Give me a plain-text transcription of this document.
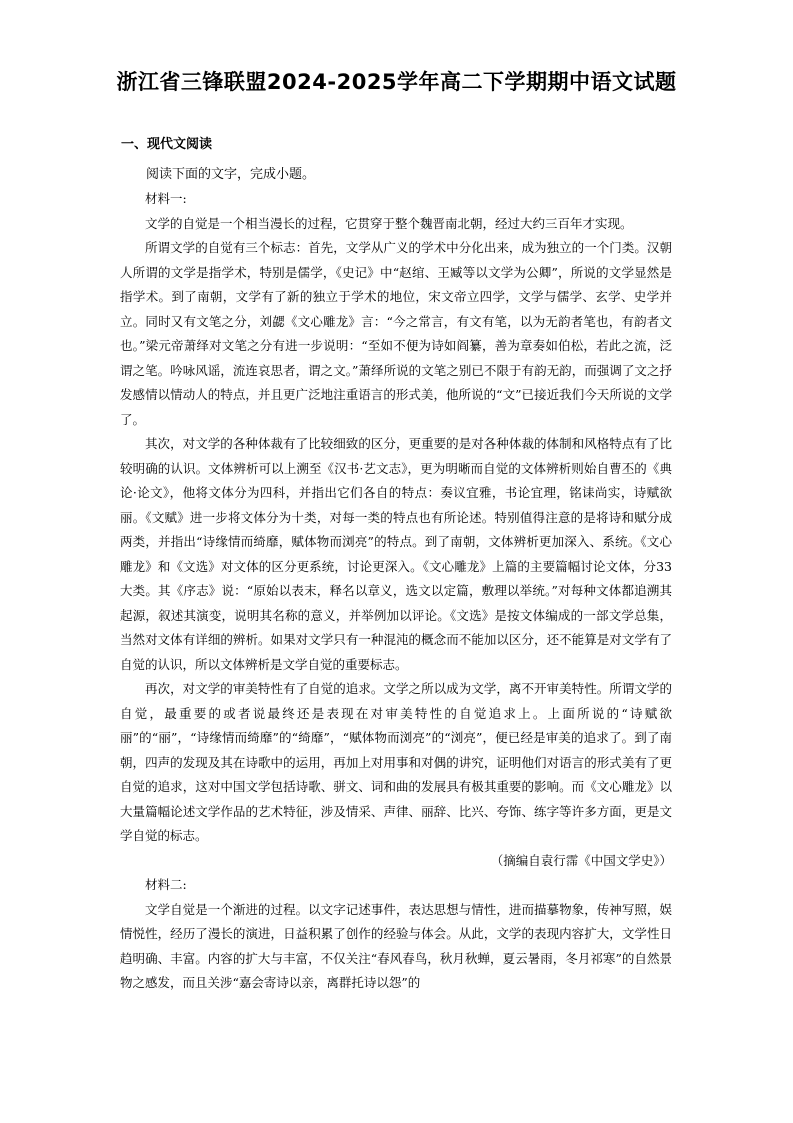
浙江省三锋联盟2024-2025学年高二下学期期中语文试题
一、现代文阅读
阅读下面的文字，完成小题。

材料一:

文学的自觉是一个相当漫长的过程，它贯穿于整个魏晋南北朝，经过大约三百年才实现。

所谓文学的自觉有三个标志：首先，文学从广义的学术中分化出来，成为独立的一个门类。汉朝人所谓的文学是指学术，特别是儒学，《史记》中“赵绾、王臧等以文学为公卿”，所说的文学显然是指学术。到了南朝，文学有了新的独立于学术的地位，宋文帝立四学，文学与儒学、玄学、史学并立。同时又有文笔之分，刘勰《文心雕龙》言：“今之常言，有文有笔，以为无韵者笔也，有韵者文也。”梁元帝萧绎对文笔之分有进一步说明：“至如不便为诗如阎纂，善为章奏如伯松，若此之流，泛谓之笔。吟咏风谣，流连哀思者，谓之文。”萧绎所说的文笔之别已不限于有韵无韵，而强调了文之抒发感情以情动人的特点，并且更广泛地注重语言的形式美，他所说的“文”已接近我们今天所说的文学了。

其次，对文学的各种体裁有了比较细致的区分，更重要的是对各种体裁的体制和风格特点有了比较明确的认识。文体辨析可以上溯至《汉书·艺文志》，更为明晰而自觉的文体辨析则始自曹丕的《典论·论文》，他将文体分为四科，并指出它们各自的特点：奏议宜雅，书论宜理，铭诔尚实，诗赋欲丽。《文赋》进一步将文体分为十类，对每一类的特点也有所论述。特别值得注意的是将诗和赋分成两类，并指出“诗缘情而绮靡，赋体物而浏亮”的特点。到了南朝，文体辨析更加深入、系统。《文心雕龙》和《文选》对文体的区分更系统，讨论更深入。《文心雕龙》上篇的主要篇幅讨论文体，分33大类。其《序志》说：“原始以表末，释名以章义，选文以定篇，敷理以举统。”对每种文体都追溯其起源，叙述其演变，说明其名称的意义，并举例加以评论。《文选》是按文体编成的一部文学总集，当然对文体有详细的辨析。如果对文学只有一种混沌的概念而不能加以区分，还不能算是对文学有了自觉的认识，所以文体辨析是文学自觉的重要标志。

再次，对文学的审美特性有了自觉的追求。文学之所以成为文学，离不开审美特性。所谓文学的自觉，最重要的或者说最终还是表现在对审美特性的自觉追求上。上面所说的“诗赋欲丽”的“丽”，“诗缘情而绮靡”的“绮靡”，“赋体物而浏亮”的“浏亮”，便已经是审美的追求了。到了南朝，四声的发现及其在诗歌中的运用，再加上对用事和对偶的讲究，证明他们对语言的形式美有了更自觉的追求，这对中国文学包括诗歌、骈文、词和曲的发展具有极其重要的影响。而《文心雕龙》以大量篇幅论述文学作品的艺术特征，涉及情采、声律、丽辞、比兴、夸饰、练字等许多方面，更是文学自觉的标志。

（摘编自袁行霈《中国文学史》）

材料二:

文学自觉是一个渐进的过程。以文字记述事件，表达思想与情性，进而描摹物象，传神写照，娱情悦性，经历了漫长的演进，日益积累了创作的经验与体会。从此，文学的表现内容扩大，文学性日趋明确、丰富。内容的扩大与丰富，不仅关注“春风春鸟，秋月秋蝉，夏云暑雨，冬月祁寒”的自然景物之感发，而且关涉“嘉会寄诗以亲，离群托诗以怨”的
